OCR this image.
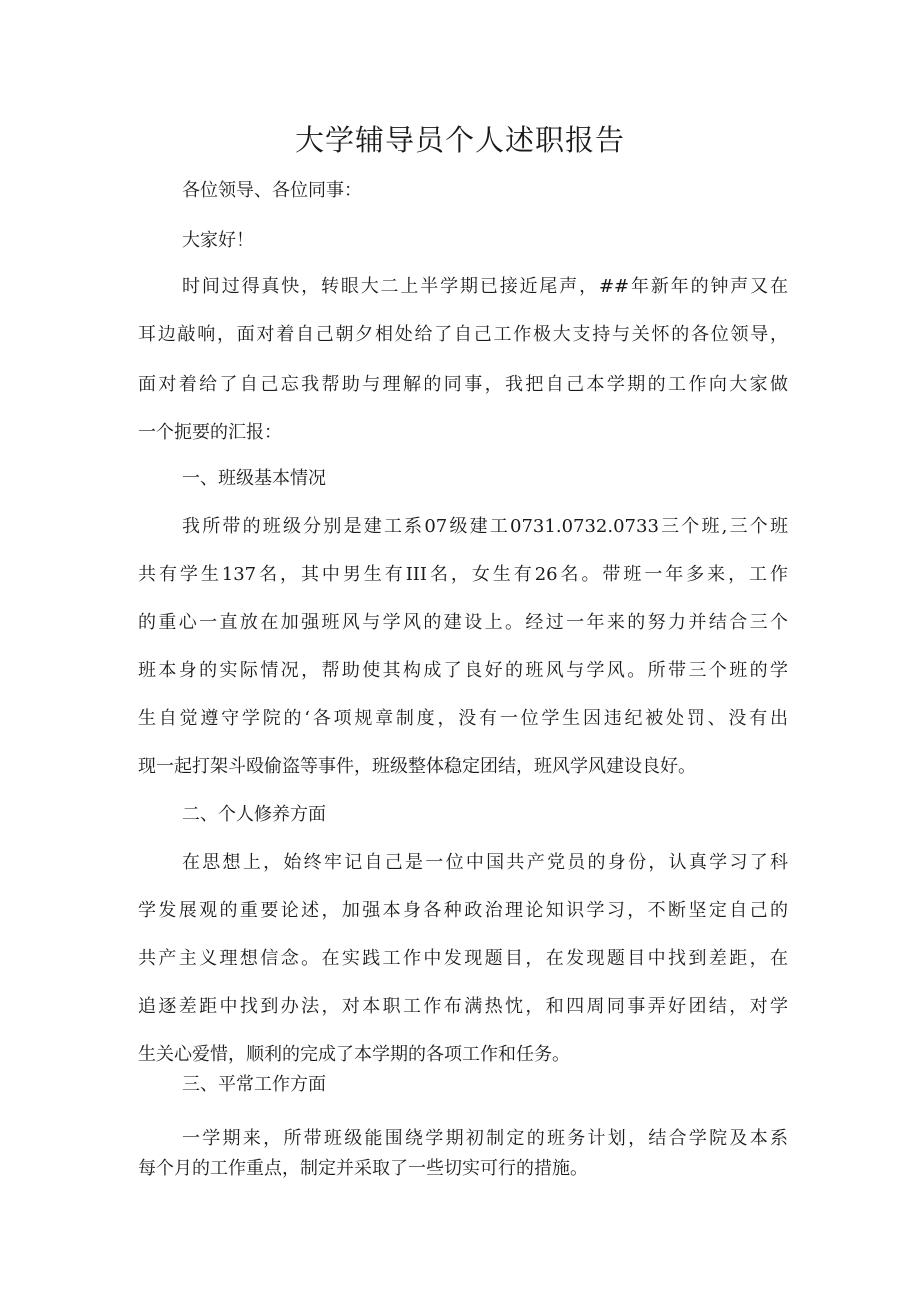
大学辅导员个人述职报告
各位领导、各位同事：
大家好！
时间过得真快，转眼大二上半学期已接近尾声，##年新年的钟声又在
耳边敲响，面对着自己朝夕相处给了自己工作极大支持与关怀的各位领导，
面对着给了自己忘我帮助与理解的同事，我把自己本学期的工作向大家做
一个扼要的汇报：
一、班级基本情况
我所带的班级分别是建工系07级建工0731.0732.0733三个班,三个班
共有学生137名，其中男生有III名，女生有26名。带班一年多来，工作
的重心一直放在加强班风与学风的建设上。经过一年来的努力并结合三个
班本身的实际情况，帮助使其构成了良好的班风与学风。所带三个班的学
生自觉遵守学院的‘各项规章制度，没有一位学生因违纪被处罚、没有出
现一起打架斗殴偷盗等事件，班级整体稳定团结，班风学风建设良好。
二、个人修养方面
在思想上，始终牢记自己是一位中国共产党员的身份，认真学习了科
学发展观的重要论述，加强本身各种政治理论知识学习，不断坚定自己的
共产主义理想信念。在实践工作中发现题目，在发现题目中找到差距，在
追逐差距中找到办法，对本职工作布满热忱，和四周同事弄好团结，对学
生关心爱惜，顺利的完成了本学期的各项工作和任务。
三、平常工作方面
一学期来，所带班级能围绕学期初制定的班务计划，结合学院及本系
每个月的工作重点，制定并采取了一些切实可行的措施。
